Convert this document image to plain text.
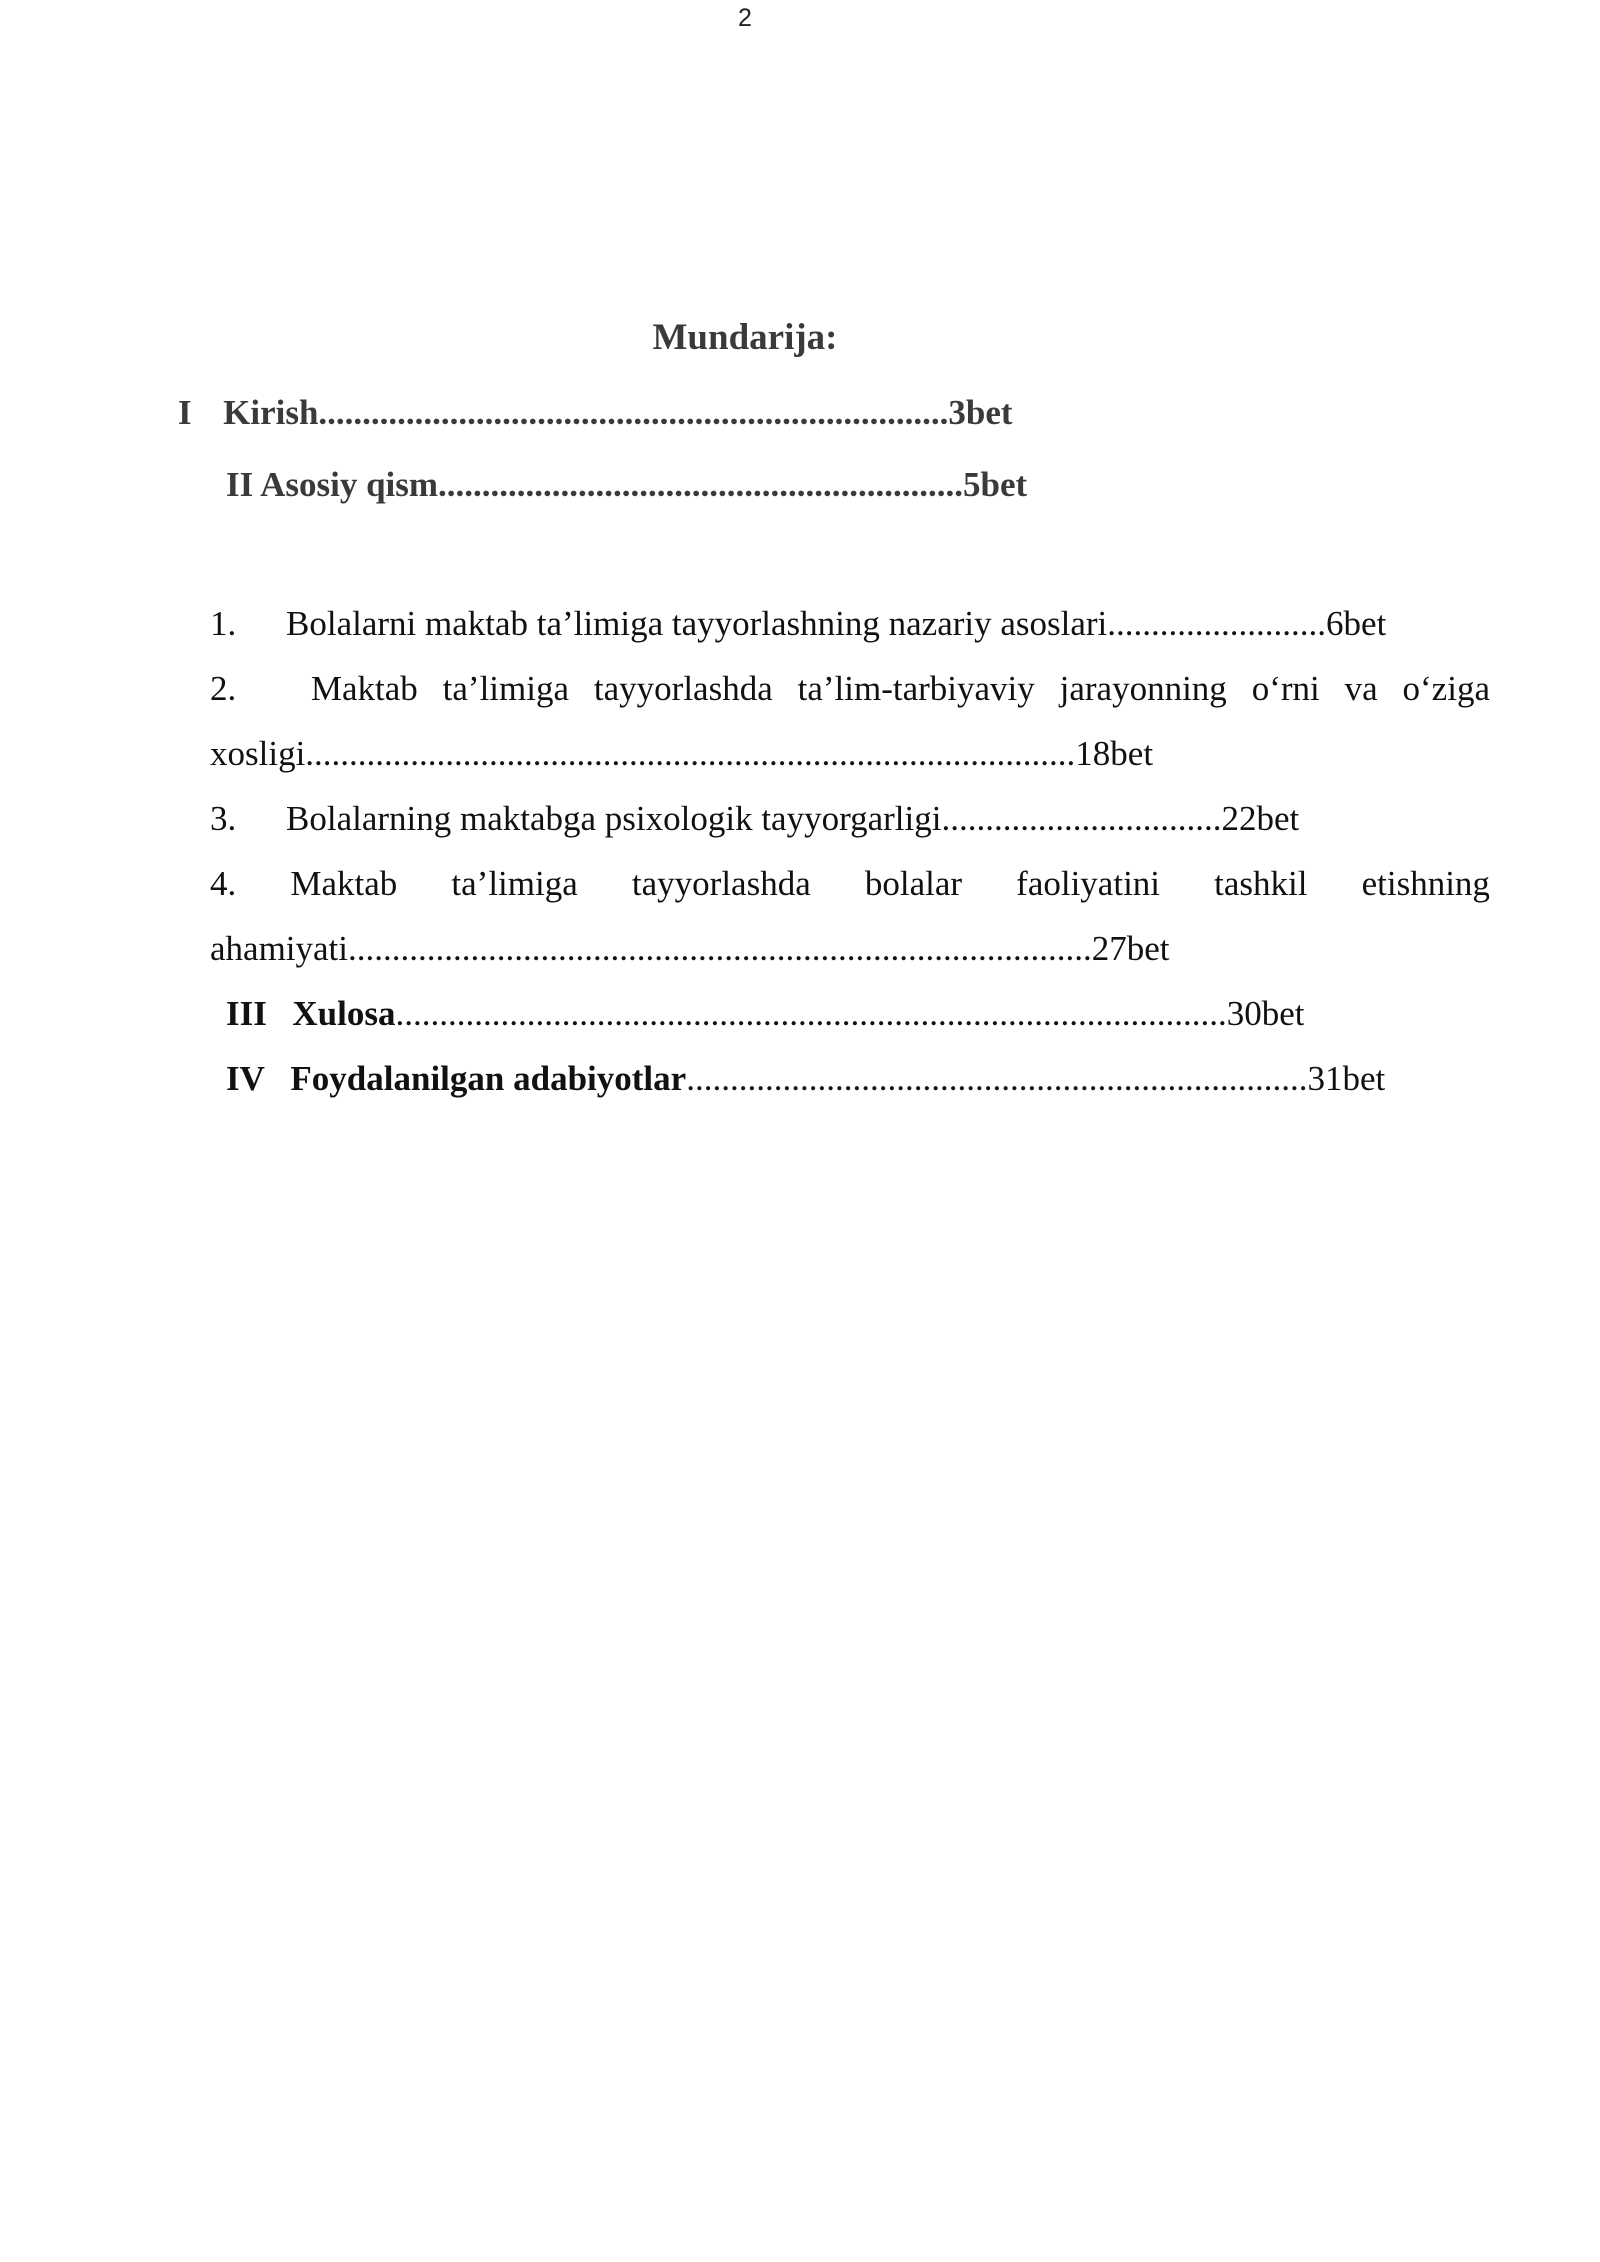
2
Mundarija:
I Kirish........................................................................3bet
II Asosiy qism............................................................5bet
1. Bolalarni maktab ta’limiga tayyorlashning nazariy asoslari.........................6bet
2.	Maktab ta’limiga tayyorlashda ta’lim-tarbiyaviy jarayonning o‘rni va o‘ziga
xosligi........................................................................................18bet
3. Bolalarning maktabga psixologik tayyorgarligi................................22bet
4. Maktab ta’limiga tayyorlashda bolalar faoliyatini tashkil etishning
ahamiyati.....................................................................................27bet
III Xulosa...............................................................................................30bet
IV Foydalanilgan adabiyotlar.......................................................................31bet
